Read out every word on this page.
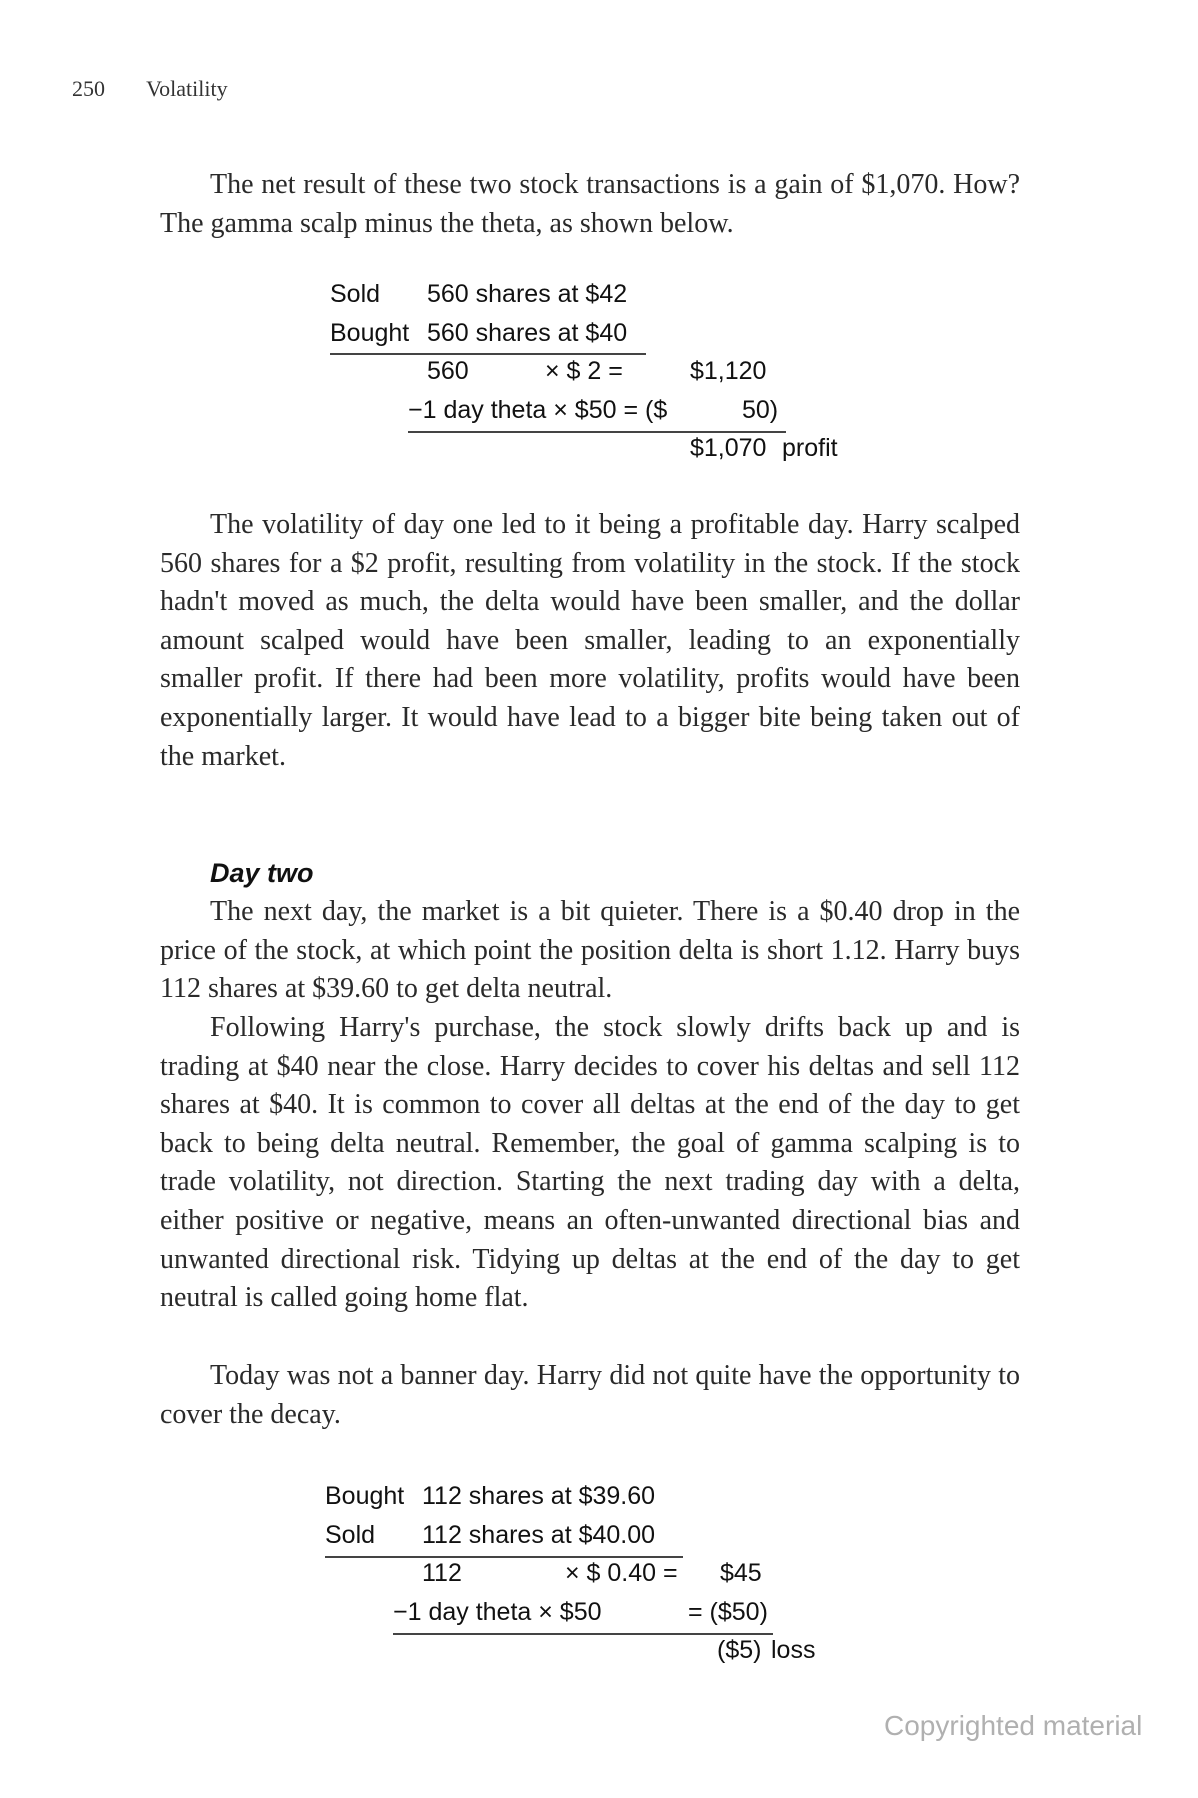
250 Volatility
The net result of these two stock transactions is a gain of $1,070. How? The gamma scalp minus the theta, as shown below.
Sold 560 shares at $42
Bought 560 shares at $40
560	× $ 2 =	$1,120
−1 day theta × $50 = ($	50)
$1,070 profit
The volatility of day one led to it being a profitable day. Harry scalped 560 shares for a $2 profit, resulting from volatility in the stock. If the stock hadn't moved as much, the delta would have been smaller, and the dollar amount scalped would have been smaller, leading to an exponentially smaller profit. If there had been more volatility, profits would have been exponentially larger. It would have lead to a bigger bite being taken out of the market.
Day two
The next day, the market is a bit quieter. There is a $0.40 drop in the price of the stock, at which point the position delta is short 1.12. Harry buys 112 shares at $39.60 to get delta neutral.
Following Harry's purchase, the stock slowly drifts back up and is trading at $40 near the close. Harry decides to cover his deltas and sell 112 shares at $40. It is common to cover all deltas at the end of the day to get back to being delta neutral. Remember, the goal of gamma scalping is to trade volatility, not direction. Starting the next trading day with a delta, either positive or negative, means an often-unwanted directional bias and unwanted directional risk. Tidying up deltas at the end of the day to get neutral is called going home flat.
Today was not a banner day. Harry did not quite have the opportunity to cover the decay.
Bought 112 shares at $39.60
Sold 112 shares at $40.00
112	× $ 0.40 = $45
−1 day theta × $50	= ($50)
($5) loss
Copyrighted material
